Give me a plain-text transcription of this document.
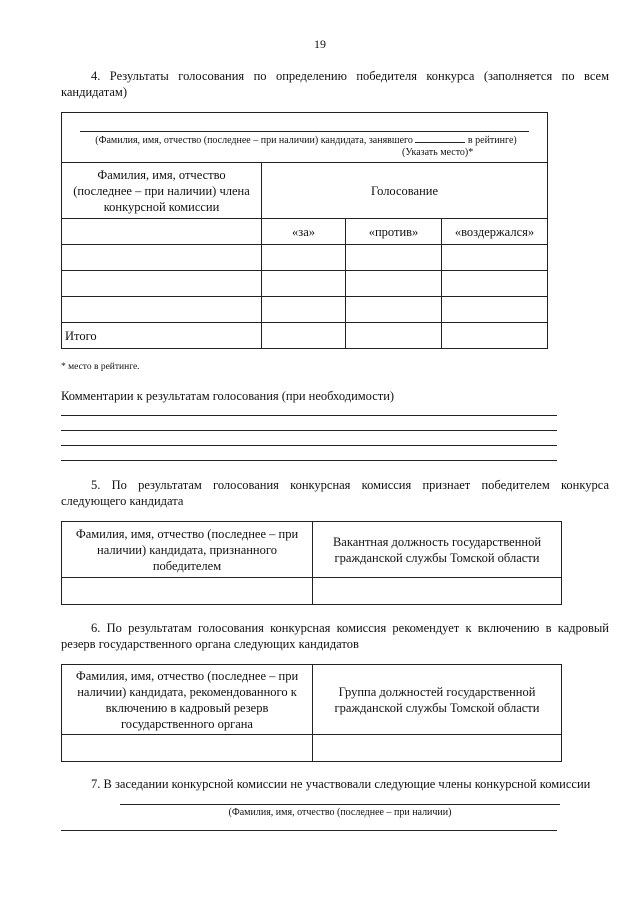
19
4. Результаты голосования по определению победителя конкурса (заполняется по всем кандидатам)
(Фамилия, имя, отчество (последнее – при наличии) кандидата, занявшего в рейтинге)
(Указать место)*			

Фамилия, имя, отчество (последнее – при наличии) члена конкурсной комиссии	Голосование		
	«за»	«против»	«воздержался»

Итого			
* место в рейтинге.
Комментарии к результатам голосования (при необходимости)
5. По результатам голосования конкурсная комиссия признает победителем конкурса следующего кандидата
Фамилия, имя, отчество (последнее – при наличии) кандидата, признанного победителем	Вакантная должность государственной гражданской службы Томской области

6. По результатам голосования конкурсная комиссия рекомендует к включению в кадровый резерв государственного органа следующих кандидатов
Фамилия, имя, отчество (последнее – при наличии) кандидата, рекомендованного к включению в кадровый резерв государственного органа	Группа должностей государственной гражданской службы Томской области

7. В заседании конкурсной комиссии не участвовали следующие члены конкурсной комиссии
(Фамилия, имя, отчество (последнее – при наличии)
